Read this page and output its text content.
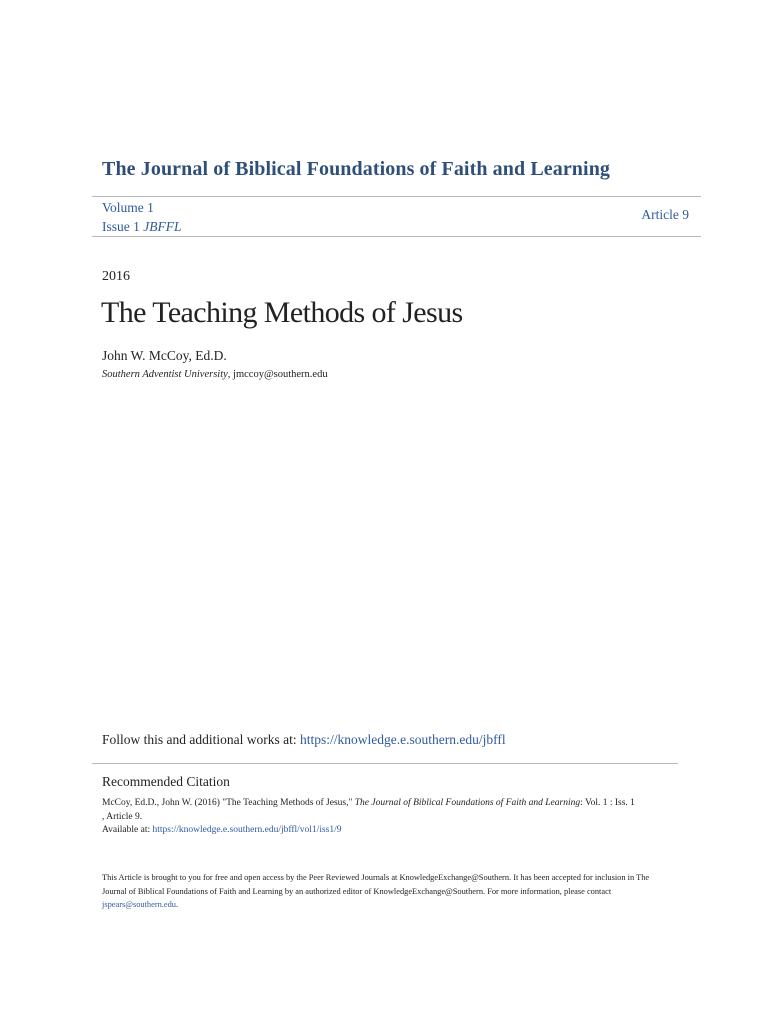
The Journal of Biblical Foundations of Faith and Learning
Volume 1
Issue 1 JBFFL
Article 9
2016
The Teaching Methods of Jesus
John W. McCoy, Ed.D.
Southern Adventist University, jmccoy@southern.edu
Follow this and additional works at: https://knowledge.e.southern.edu/jbffl
Recommended Citation
McCoy, Ed.D., John W. (2016) "The Teaching Methods of Jesus," The Journal of Biblical Foundations of Faith and Learning: Vol. 1 : Iss. 1
, Article 9.
Available at: https://knowledge.e.southern.edu/jbffl/vol1/iss1/9
This Article is brought to you for free and open access by the Peer Reviewed Journals at KnowledgeExchange@Southern. It has been accepted for inclusion in The Journal of Biblical Foundations of Faith and Learning by an authorized editor of KnowledgeExchange@Southern. For more information, please contact jspears@southern.edu.
